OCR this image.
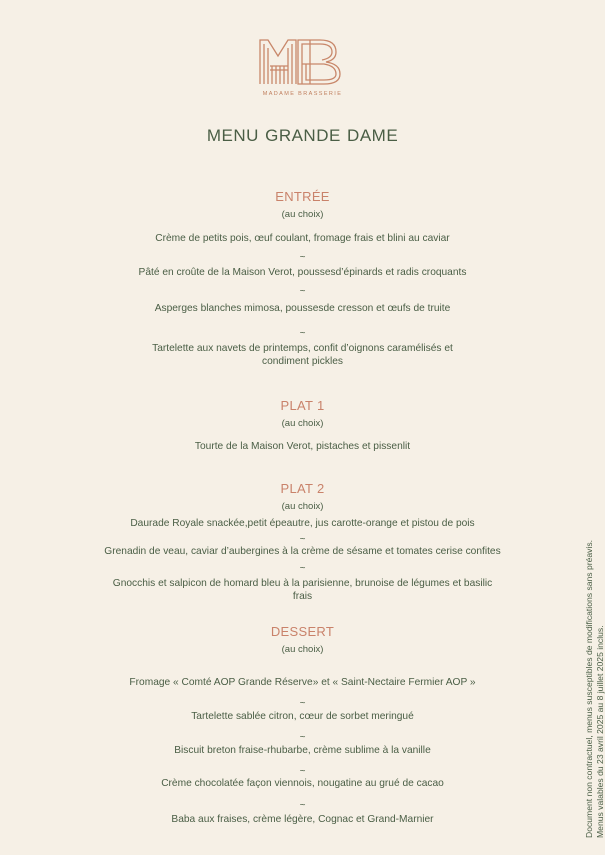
MADAME BRASSERIE
MENU GRANDE DAME
ENTRÉE
(au choix)
Crème de petits pois, œuf coulant, fromage frais et blini au caviar
~
Pâté en croûte de la Maison Verot, poussesd’épinards et radis croquants
~
Asperges blanches mimosa, poussesde cresson et œufs de truite
~
Tartelette aux navets de printemps, confit d’oignons caramélisés et
condiment pickles
PLAT 1
(au choix)
Tourte de la Maison Verot, pistaches et pissenlit
PLAT 2
(au choix)
Daurade Royale snackée,petit épeautre, jus carotte-orange et pistou de pois
~
Grenadin de veau, caviar d’aubergines à la crème de sésame et tomates cerise confites
~
Gnocchis et salpicon de homard bleu à la parisienne, brunoise de légumes et basilic
frais
DESSERT
(au choix)
Fromage « Comté AOP Grande Réserve» et « Saint-Nectaire Fermier AOP »
~
Tartelette sablée citron, cœur de sorbet meringué
~
Biscuit breton fraise-rhubarbe, crème sublime à la vanille
~
Crème chocolatée façon viennois, nougatine au grué de cacao
~
Baba aux fraises, crème légère, Cognac et Grand-Marnier	Document non contractuel, menus susceptibles de modifications sans préavis. Menus valables du 23 avril 2025 au 8 juillet 2025 inclus.
